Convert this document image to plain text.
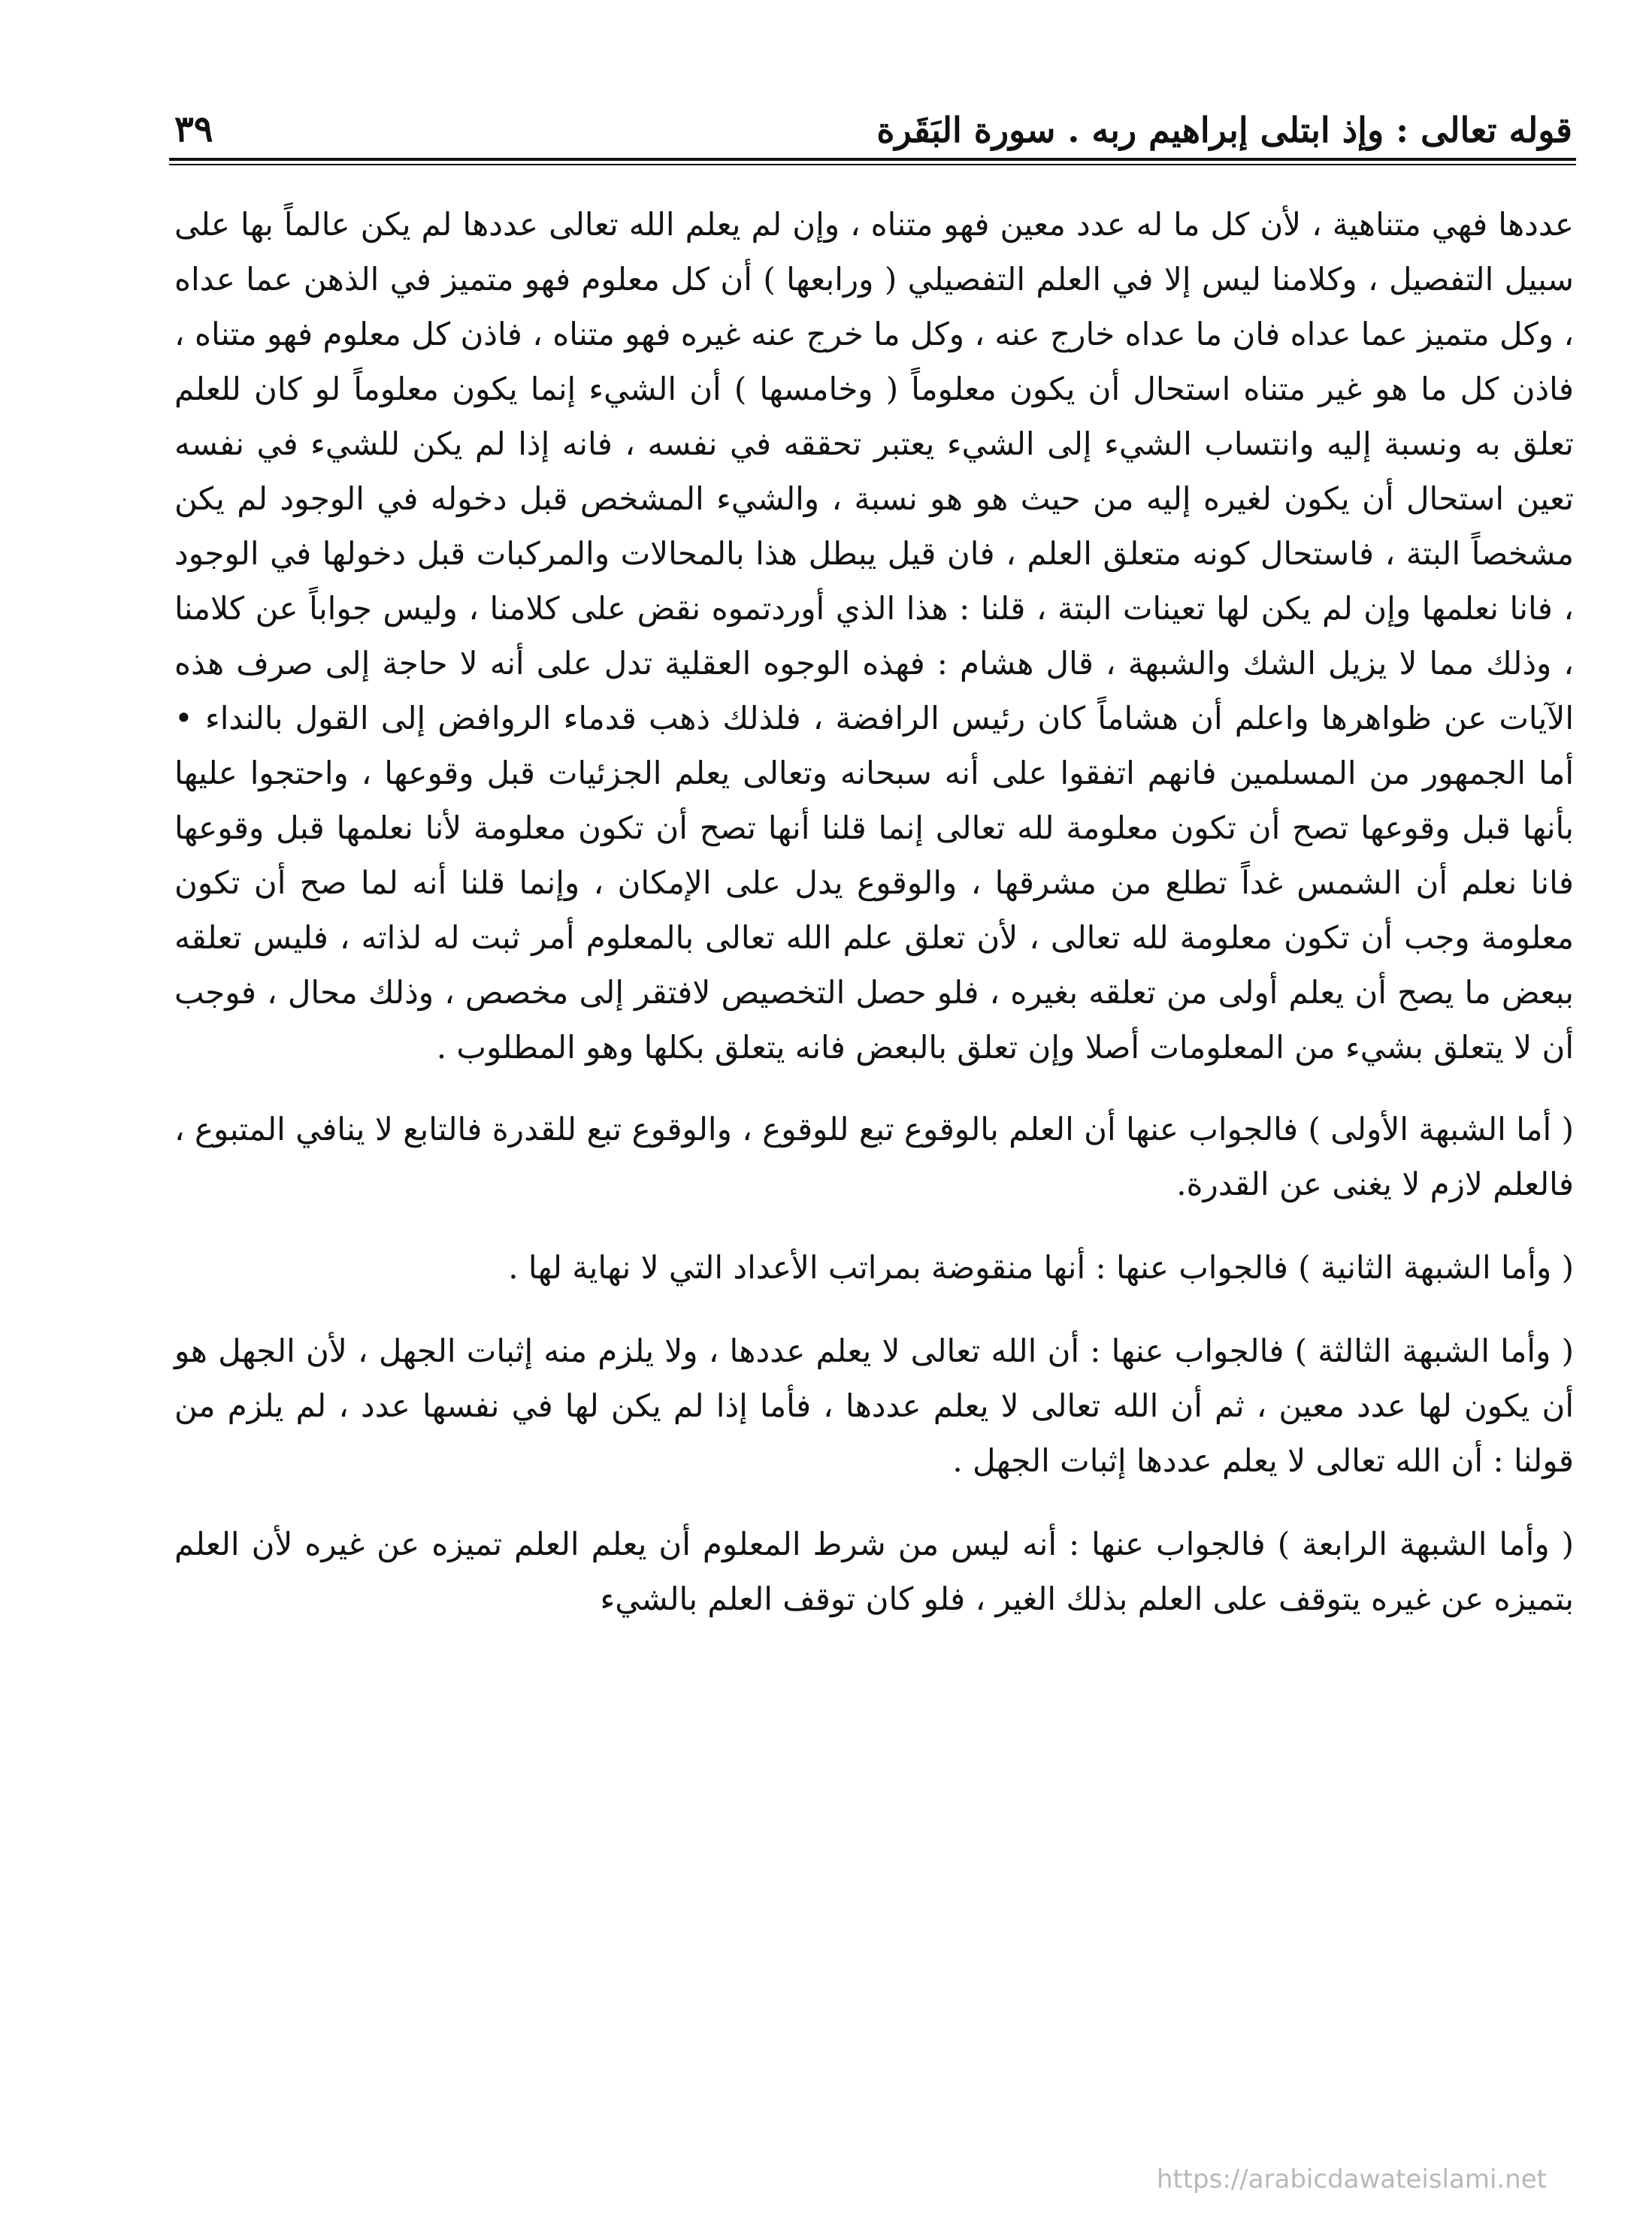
قوله تعالى : وإذ ابتلى إبراهيم ربه . سورة البَقَرة
٣٩

عددها فهي متناهية ، لأن كل ما له عدد معين فهو متناه ، وإن لم يعلم الله تعالى عددها لم يكن عالماً بها على سبيل التفصيل ، وكلامنا ليس إلا في العلم التفصيلي ( ورابعها ) أن كل معلوم فهو متميز في الذهن عما عداه ، وكل متميز عما عداه فان ما عداه خارج عنه ، وكل ما خرج عنه غيره فهو متناه ، فاذن كل معلوم فهو متناه ، فاذن كل ما هو غير متناه استحال أن يكون معلوماً ( وخامسها ) أن الشيء إنما يكون معلوماً لو كان للعلم تعلق به ونسبة إليه وانتساب الشيء إلى الشيء يعتبر تحققه في نفسه ، فانه إذا لم يكن للشيء في نفسه تعين استحال أن يكون لغيره إليه من حيث هو هو نسبة ، والشيء المشخص قبل دخوله في الوجود لم يكن مشخصاً البتة ، فاستحال كونه متعلق العلم ، فان قيل يبطل هذا بالمحالات والمركبات قبل دخولها في الوجود ، فانا نعلمها وإن لم يكن لها تعينات البتة ، قلنا : هذا الذي أوردتموه نقض على كلامنا ، وليس جواباً عن كلامنا ، وذلك مما لا يزيل الشك والشبهة ، قال هشام : فهذه الوجوه العقلية تدل على أنه لا حاجة إلى صرف هذه الآيات عن ظواهرها واعلم أن هشاماً كان رئيس الرافضة ، فلذلك ذهب قدماء الروافض إلى القول بالنداء • أما الجمهور من المسلمين فانهم اتفقوا على أنه سبحانه وتعالى يعلم الجزئيات قبل وقوعها ، واحتجوا عليها بأنها قبل وقوعها تصح أن تكون معلومة لله تعالى إنما قلنا أنها تصح أن تكون معلومة لأنا نعلمها قبل وقوعها فانا نعلم أن الشمس غداً تطلع من مشرقها ، والوقوع يدل على الإمكان ، وإنما قلنا أنه لما صح أن تكون معلومة وجب أن تكون معلومة لله تعالى ، لأن تعلق علم الله تعالى بالمعلوم أمر ثبت له لذاته ، فليس تعلقه ببعض ما يصح أن يعلم أولى من تعلقه بغيره ، فلو حصل التخصيص لافتقر إلى مخصص ، وذلك محال ، فوجب أن لا يتعلق بشيء من المعلومات أصلا وإن تعلق بالبعض فانه يتعلق بكلها وهو المطلوب .

( أما الشبهة الأولى ) فالجواب عنها أن العلم بالوقوع تبع للوقوع ، والوقوع تبع للقدرة فالتابع لا ينافي المتبوع ، فالعلم لازم لا يغنى عن القدرة.

( وأما الشبهة الثانية ) فالجواب عنها : أنها منقوضة بمراتب الأعداد التي لا نهاية لها .

( وأما الشبهة الثالثة ) فالجواب عنها : أن الله تعالى لا يعلم عددها ، ولا يلزم منه إثبات الجهل ، لأن الجهل هو أن يكون لها عدد معين ، ثم أن الله تعالى لا يعلم عددها ، فأما إذا لم يكن لها في نفسها عدد ، لم يلزم من قولنا : أن الله تعالى لا يعلم عددها إثبات الجهل .

( وأما الشبهة الرابعة ) فالجواب عنها : أنه ليس من شرط المعلوم أن يعلم العلم تميزه عن غيره لأن العلم بتميزه عن غيره يتوقف على العلم بذلك الغير ، فلو كان توقف العلم بالشيء

https://arabicdawateislami.net
